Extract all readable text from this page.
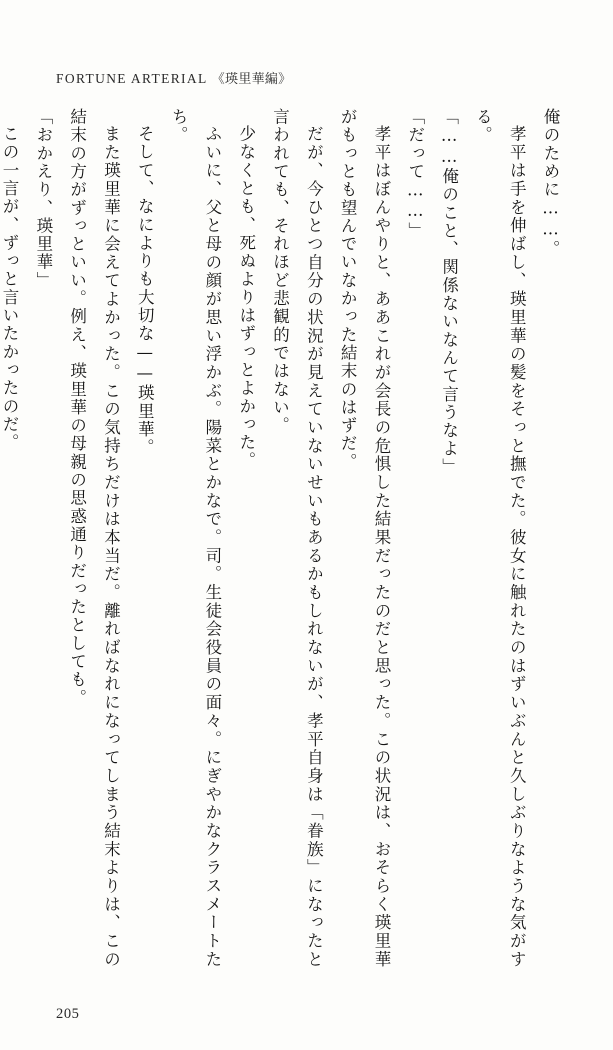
FORTUNE ARTERIAL 《瑛里華編》

俺のために……。

孝平は手を伸ばし、瑛里華の髪をそっと撫でた。彼女に触れたのはずいぶんと久しぶりなような気がする。

「……俺のこと、関係ないなんて言うなよ」

「だって……」

孝平はぼんやりと、ああこれが会長の危惧した結果だったのだと思った。この状況は、おそらく瑛里華がもっとも望んでいなかった結末のはずだ。

だが、今ひとつ自分の状況が見えていないせいもあるかもしれないが、孝平自身は「眷族」になったと言われても、それほど悲観的ではない。

少なくとも、死ぬよりはずっとよかった。

ふいに、父と母の顔が思い浮かぶ。陽菜とかなで。司。生徒会役員の面々。にぎやかなクラスメートたち。

そして、なによりも大切な——瑛里華。

また瑛里華に会えてよかった。この気持ちだけは本当だ。離ればなれになってしまう結末よりは、この結末の方がずっといい。例え、瑛里華の母親の思惑通りだったとしても。

「おかえり、瑛里華」

この一言が、ずっと言いたかったのだ。

205
